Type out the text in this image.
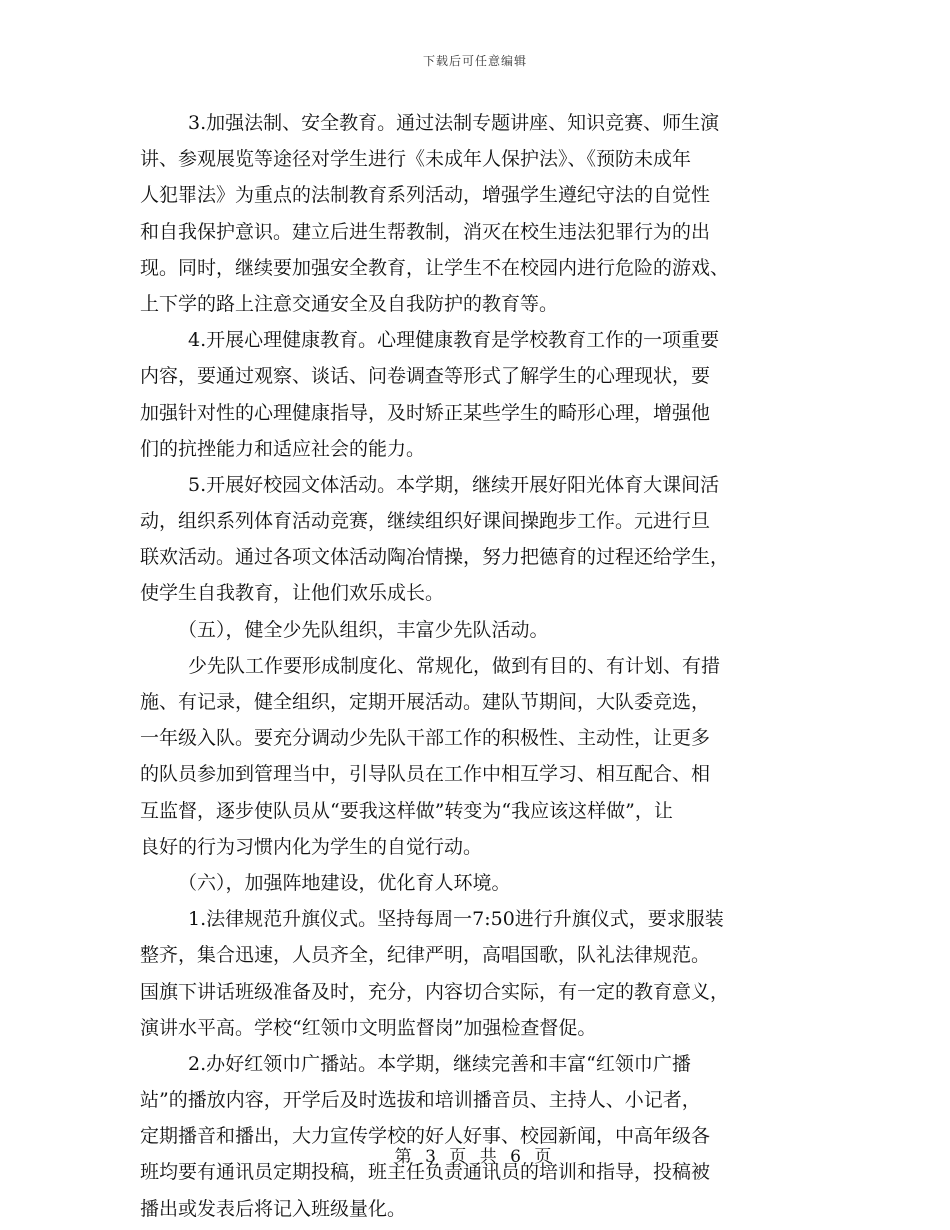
下载后可任意编辑
3.加强法制、安全教育。通过法制专题讲座、知识竞赛、师生演
讲、参观展览等途径对学生进行《未成年人保护法》、《预防未成年
人犯罪法》为重点的法制教育系列活动，增强学生遵纪守法的自觉性
和自我保护意识。建立后进生帮教制，消灭在校生违法犯罪行为的出
现。同时，继续要加强安全教育，让学生不在校园内进行危险的游戏、
上下学的路上注意交通安全及自我防护的教育等。
4.开展心理健康教育。心理健康教育是学校教育工作的一项重要
内容，要通过观察、谈话、问卷调查等形式了解学生的心理现状，要
加强针对性的心理健康指导，及时矫正某些学生的畸形心理，增强他
们的抗挫能力和适应社会的能力。
5.开展好校园文体活动。本学期，继续开展好阳光体育大课间活
动，组织系列体育活动竞赛，继续组织好课间操跑步工作。元进行旦
联欢活动。通过各项文体活动陶冶情操，努力把德育的过程还给学生，
使学生自我教育，让他们欢乐成长。
（五），健全少先队组织，丰富少先队活动。
少先队工作要形成制度化、常规化，做到有目的、有计划、有措
施、有记录，健全组织，定期开展活动。建队节期间，大队委竞选，
一年级入队。要充分调动少先队干部工作的积极性、主动性，让更多
的队员参加到管理当中，引导队员在工作中相互学习、相互配合、相
互监督，逐步使队员从“要我这样做”转变为“我应该这样做”，让
良好的行为习惯内化为学生的自觉行动。
（六），加强阵地建设，优化育人环境。
1.法律规范升旗仪式。坚持每周一7:50进行升旗仪式，要求服装
整齐，集合迅速，人员齐全，纪律严明，高唱国歌，队礼法律规范。
国旗下讲话班级准备及时，充分，内容切合实际，有一定的教育意义，
演讲水平高。学校“红领巾文明监督岗”加强检查督促。
2.办好红领巾广播站。本学期，继续完善和丰富“红领巾广播
站”的播放内容，开学后及时选拔和培训播音员、主持人、小记者，
定期播音和播出，大力宣传学校的好人好事、校园新闻，中高年级各
班均要有通讯员定期投稿，班主任负责通讯员的培训和指导，投稿被
播出或发表后将记入班级量化。
第 3 页 共 6 页
